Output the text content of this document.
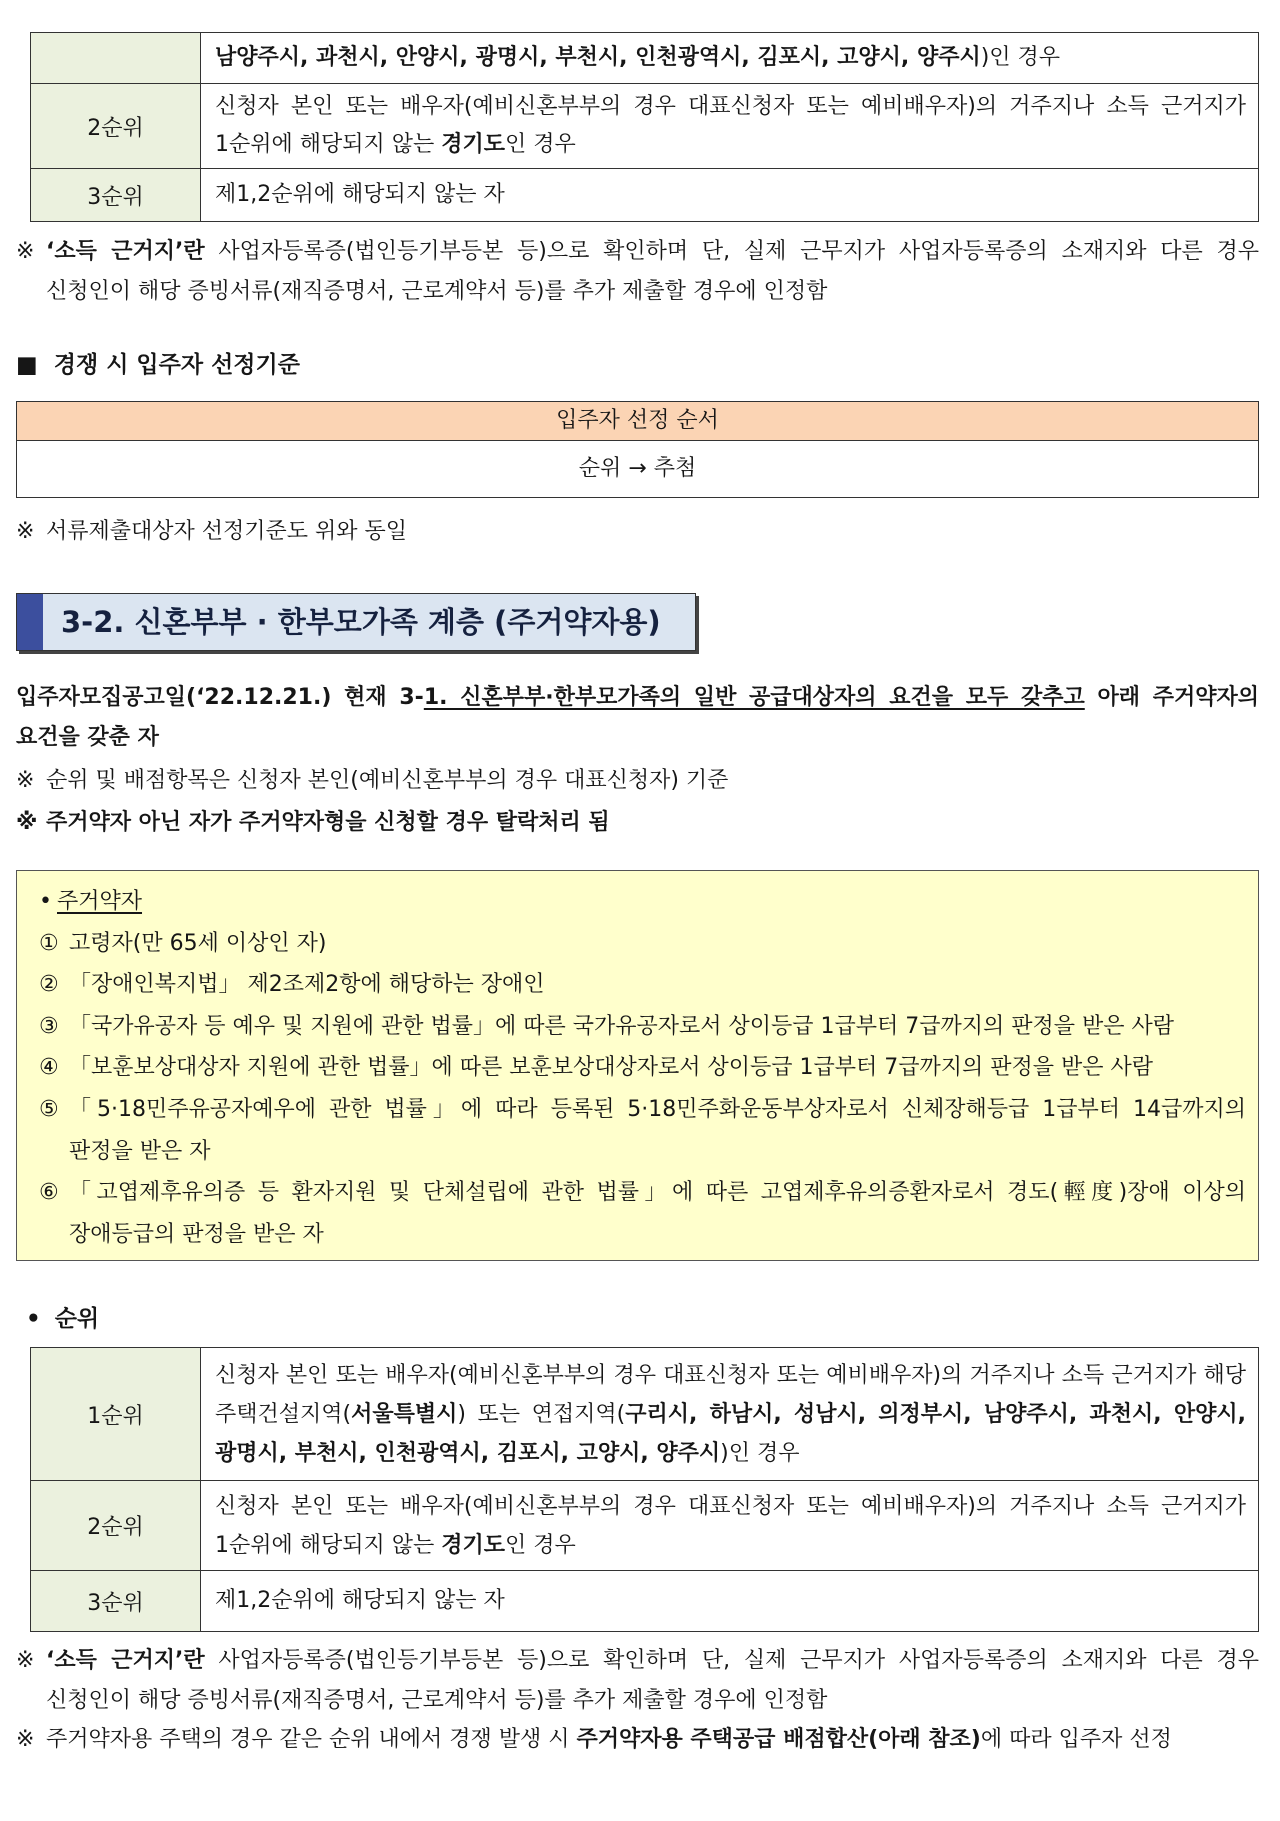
남양주시, 과천시, 안양시, 광명시, 부천시, 인천광역시, 김포시, 고양시, 양주시)인 경우
2순위
신청자 본인 또는 배우자(예비신혼부부의 경우 대표신청자 또는 예비배우자)의 거주지나 소득 근거지가 1순위에 해당되지 않는 경기도인 경우
3순위	제1,2순위에 해당되지 않는 자
※ ‘소득 근거지’란 사업자등록증(법인등기부등본 등)으로 확인하며 단, 실제 근무지가 사업자등록증의 소재지와 다른 경우 신청인이 해당 증빙서류(재직증명서, 근로계약서 등)를 추가 제출할 경우에 인정함
■ 경쟁 시 입주자 선정기준
입주자 선정 순서
순위 → 추첨
※ 서류제출대상자 선정기준도 위와 동일
3-2. 신혼부부 · 한부모가족 계층 (주거약자용)
입주자모집공고일(‘22.12.21.) 현재 3-1. 신혼부부·한부모가족의 일반 공급대상자의 요건을 모두 갖추고 아래 주거약자의 요건을 갖춘 자
※ 순위 및 배점항목은 신청자 본인(예비신혼부부의 경우 대표신청자) 기준
※ 주거약자 아닌 자가 주거약자형을 신청할 경우 탈락처리 됨
• 주거약자
① 고령자(만 65세 이상인 자)
② 「장애인복지법」 제2조제2항에 해당하는 장애인
③ 「국가유공자 등 예우 및 지원에 관한 법률」에 따른 국가유공자로서 상이등급 1급부터 7급까지의 판정을 받은 사람
④ 「보훈보상대상자 지원에 관한 법률」에 따른 보훈보상대상자로서 상이등급 1급부터 7급까지의 판정을 받은 사람
⑤ 「5·18민주유공자예우에 관한 법률」에 따라 등록된 5·18민주화운동부상자로서 신체장해등급 1급부터 14급까지의 판정을 받은 자
⑥ 「고엽제후유의증 등 환자지원 및 단체설립에 관한 법률」에 따른 고엽제후유의증환자로서 경도(輕度)장애 이상의 장애등급의 판정을 받은 자
• 순위
1순위
신청자 본인 또는 배우자(예비신혼부부의 경우 대표신청자 또는 예비배우자)의 거주지나 소득 근거지가 해당 주택건설지역(서울특별시) 또는 연접지역(구리시, 하남시, 성남시, 의정부시, 남양주시, 과천시, 안양시, 광명시, 부천시, 인천광역시, 김포시, 고양시, 양주시)인 경우
2순위
신청자 본인 또는 배우자(예비신혼부부의 경우 대표신청자 또는 예비배우자)의 거주지나 소득 근거지가 1순위에 해당되지 않는 경기도인 경우
3순위	제1,2순위에 해당되지 않는 자
※ ‘소득 근거지’란 사업자등록증(법인등기부등본 등)으로 확인하며 단, 실제 근무지가 사업자등록증의 소재지와 다른 경우 신청인이 해당 증빙서류(재직증명서, 근로계약서 등)를 추가 제출할 경우에 인정함
※ 주거약자용 주택의 경우 같은 순위 내에서 경쟁 발생 시 주거약자용 주택공급 배점합산(아래 참조)에 따라 입주자 선정
